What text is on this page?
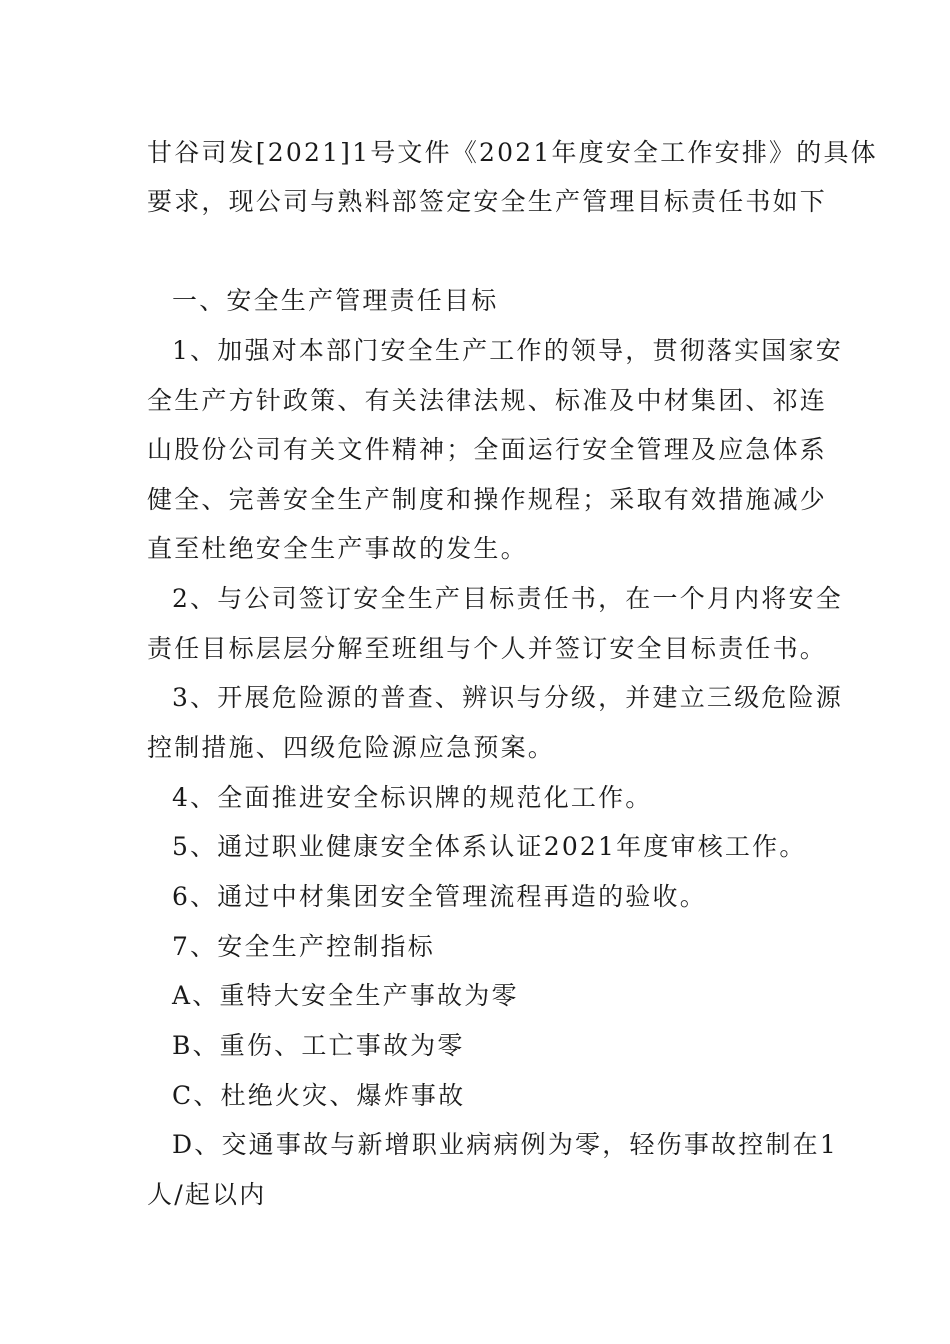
甘谷司发[2021]1号文件《2021年度安全工作安排》的具体
要求，现公司与熟料部签定安全生产管理目标责任书如下
一、安全生产管理责任目标
1、加强对本部门安全生产工作的领导，贯彻落实国家安
全生产方针政策、有关法律法规、标准及中材集团、祁连
山股份公司有关文件精神；全面运行安全管理及应急体系
健全、完善安全生产制度和操作规程；采取有效措施减少
直至杜绝安全生产事故的发生。
2、与公司签订安全生产目标责任书，在一个月内将安全
责任目标层层分解至班组与个人并签订安全目标责任书。
3、开展危险源的普查、辨识与分级，并建立三级危险源
控制措施、四级危险源应急预案。
4、全面推进安全标识牌的规范化工作。
5、通过职业健康安全体系认证2021年度审核工作。
6、通过中材集团安全管理流程再造的验收。
7、安全生产控制指标
A、重特大安全生产事故为零
B、重伤、工亡事故为零
C、杜绝火灾、爆炸事故
D、交通事故与新增职业病病例为零，轻伤事故控制在1
人/起以内
